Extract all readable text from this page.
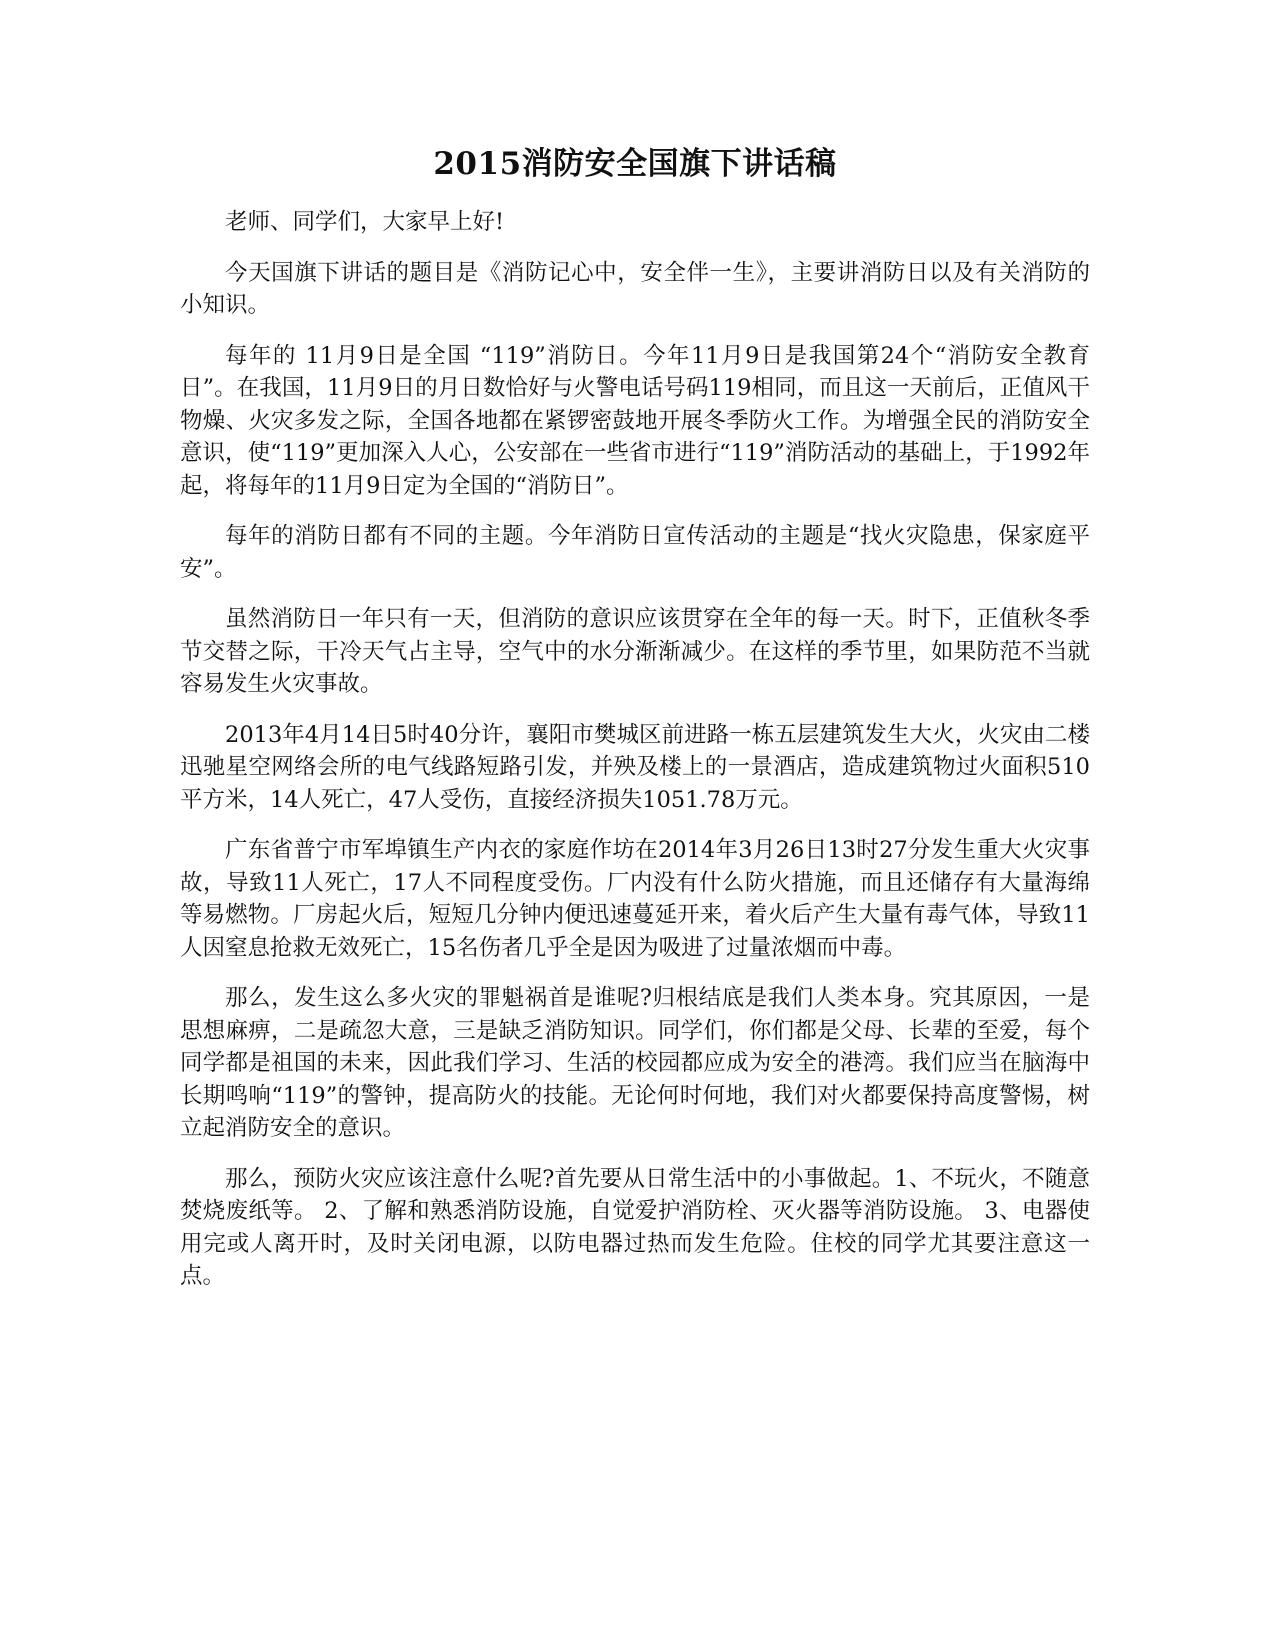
2015消防安全国旗下讲话稿

老师、同学们，大家早上好!

今天国旗下讲话的题目是《消防记心中，安全伴一生》，主要讲消防日以及有关消防的小知识。

每年的 11月9日是全国 “119”消防日。今年11月9日是我国第24个“消防安全教育日”。在我国，11月9日的月日数恰好与火警电话号码119相同，而且这一天前后，正值风干物燥、火灾多发之际，全国各地都在紧锣密鼓地开展冬季防火工作。为增强全民的消防安全意识，使“119”更加深入人心，公安部在一些省市进行“119”消防活动的基础上，于1992年起，将每年的11月9日定为全国的“消防日”。

每年的消防日都有不同的主题。今年消防日宣传活动的主题是“找火灾隐患，保家庭平安”。

虽然消防日一年只有一天，但消防的意识应该贯穿在全年的每一天。时下，正值秋冬季节交替之际，干冷天气占主导，空气中的水分渐渐减少。在这样的季节里，如果防范不当就容易发生火灾事故。

2013年4月14日5时40分许，襄阳市樊城区前进路一栋五层建筑发生大火，火灾由二楼迅驰星空网络会所的电气线路短路引发，并殃及楼上的一景酒店，造成建筑物过火面积510平方米，14人死亡，47人受伤，直接经济损失1051.78万元。

广东省普宁市军埠镇生产内衣的家庭作坊在2014年3月26日13时27分发生重大火灾事故，导致11人死亡，17人不同程度受伤。厂内没有什么防火措施，而且还储存有大量海绵等易燃物。厂房起火后，短短几分钟内便迅速蔓延开来，着火后产生大量有毒气体，导致11人因窒息抢救无效死亡，15名伤者几乎全是因为吸进了过量浓烟而中毒。

那么，发生这么多火灾的罪魁祸首是谁呢?归根结底是我们人类本身。究其原因，一是思想麻痹，二是疏忽大意，三是缺乏消防知识。同学们，你们都是父母、长辈的至爱，每个同学都是祖国的未来，因此我们学习、生活的校园都应成为安全的港湾。我们应当在脑海中长期鸣响“119”的警钟，提高防火的技能。无论何时何地，我们对火都要保持高度警惕，树立起消防安全的意识。

那么，预防火灾应该注意什么呢?首先要从日常生活中的小事做起。1、不玩火，不随意焚烧废纸等。 2、了解和熟悉消防设施，自觉爱护消防栓、灭火器等消防设施。 3、电器使用完或人离开时，及时关闭电源，以防电器过热而发生危险。住校的同学尤其要注意这一点。
